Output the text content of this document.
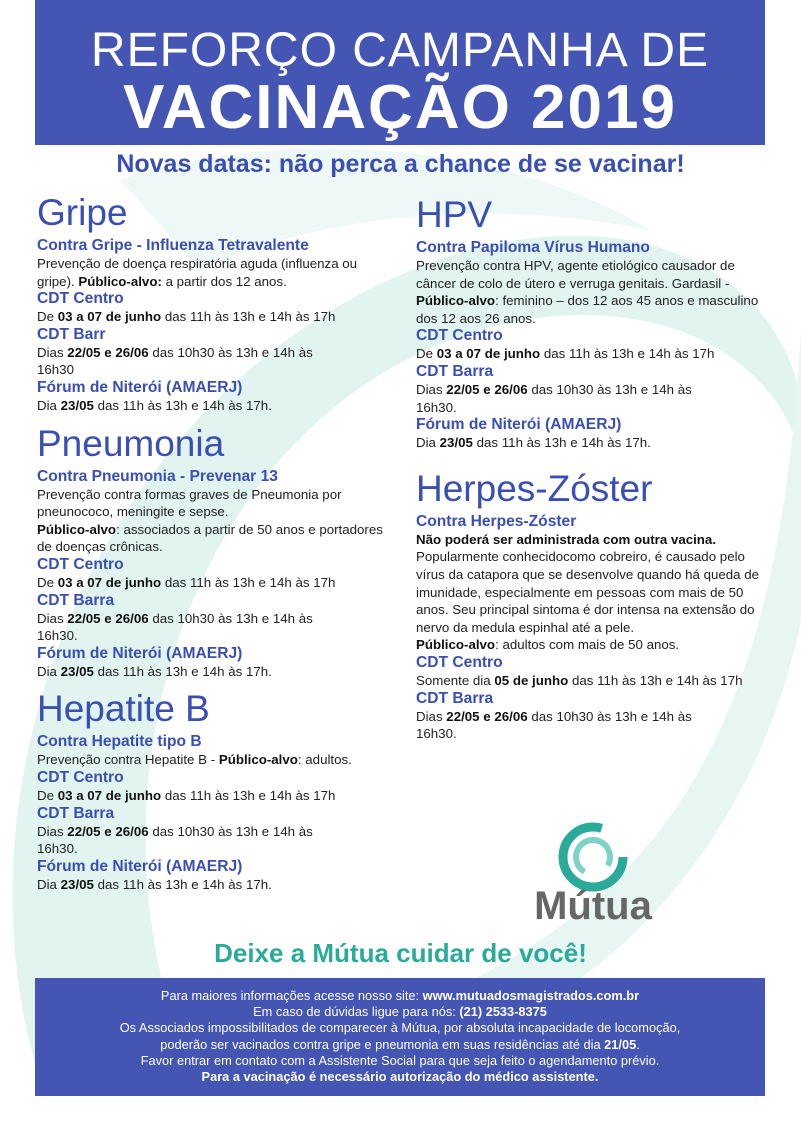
REFORÇO CAMPANHA DE
VACINAÇÃO 2019
Novas datas: não perca a chance de se vacinar!
Gripe
Contra Gripe - Influenza Tetravalente
Prevenção de doença respiratória aguda (influenza ou gripe). Público-alvo: a partir dos 12 anos.
CDT Centro
De 03 a 07 de junho das 11h às 13h e 14h às 17h
CDT Barr
Dias 22/05 e 26/06 das 10h30 às 13h e 14h às 16h30
Fórum de Niterói (AMAERJ)
Dia 23/05 das 11h às 13h e 14h às 17h.
Pneumonia
Contra Pneumonia - Prevenar 13
Prevenção contra formas graves de Pneumonia por pneunococo, meningite e sepse.
Público-alvo: associados a partir de 50 anos e portadores de doenças crônicas.
CDT Centro
De 03 a 07 de junho das 11h às 13h e 14h às 17h
CDT Barra
Dias 22/05 e 26/06 das 10h30 às 13h e 14h às 16h30.
Fórum de Niterói (AMAERJ)
Dia 23/05 das 11h às 13h e 14h às 17h.
Hepatite B
Contra Hepatite tipo B
Prevenção contra Hepatite B - Público-alvo: adultos.
CDT Centro
De 03 a 07 de junho das 11h às 13h e 14h às 17h
CDT Barra
Dias 22/05 e 26/06 das 10h30 às 13h e 14h às 16h30.
Fórum de Niterói (AMAERJ)
Dia 23/05 das 11h às 13h e 14h às 17h.
HPV
Contra Papiloma Vírus Humano
Prevenção contra HPV, agente etiológico causador de câncer de colo de útero e verruga genitais. Gardasil - Público-alvo: feminino – dos 12 aos 45 anos e masculino dos 12 aos 26 anos.
CDT Centro
De 03 a 07 de junho das 11h às 13h e 14h às 17h
CDT Barra
Dias 22/05 e 26/06 das 10h30 às 13h e 14h às 16h30.
Fórum de Niterói (AMAERJ)
Dia 23/05 das 11h às 13h e 14h às 17h.
Herpes-Zóster
Contra Herpes-Zóster
Não poderá ser administrada com outra vacina. Popularmente conhecidocomo cobreiro, é causado pelo vírus da catapora que se desenvolve quando há queda de imunidade, especialmente em pessoas com mais de 50 anos. Seu principal sintoma é dor intensa na extensão do nervo da medula espinhal até a pele.
Público-alvo: adultos com mais de 50 anos.
CDT Centro
Somente dia 05 de junho das 11h às 13h e 14h às 17h
CDT Barra
Dias 22/05 e 26/06 das 10h30 às 13h e 14h às 16h30.
Mútua
Deixe a Mútua cuidar de você!
Para maiores informações acesse nosso site: www.mutuadosmagistrados.com.br
Em caso de dúvidas ligue para nós: (21) 2533-8375
Os Associados impossibilitados de comparecer à Mútua, por absoluta incapacidade de locomoção,
poderão ser vacinados contra gripe e pneumonia em suas residências até dia 21/05.
Favor entrar em contato com a Assistente Social para que seja feito o agendamento prévio.
Para a vacinação é necessário autorização do médico assistente.
